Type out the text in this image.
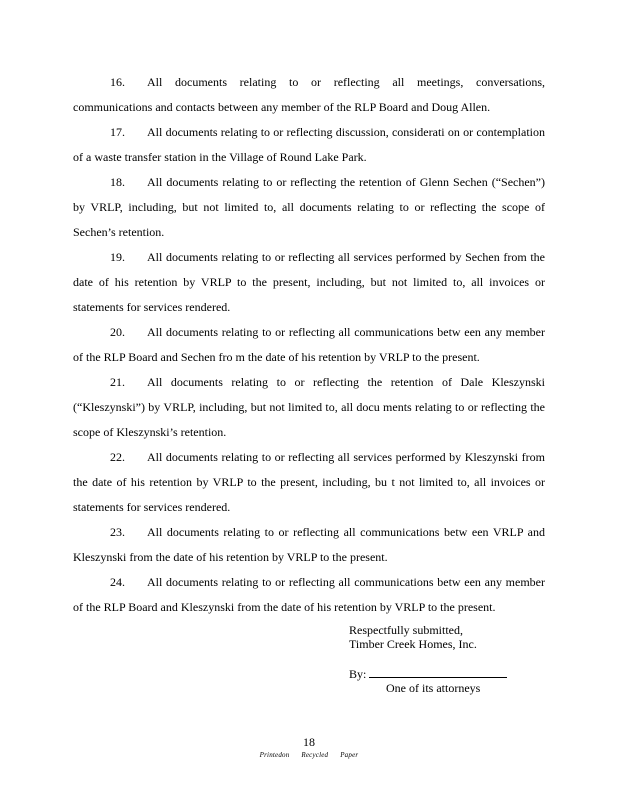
16. All documents relating to or reflecting all meetings, conversations, communications and contacts between any member of the RLP Board and Doug Allen.

17. All documents relating to or reflecting discussion, considerati on or contemplation of a waste transfer station in the Village of Round Lake Park.

18. All documents relating to or reflecting the retention of Glenn Sechen (“Sechen”) by VRLP, including, but not limited to, all documents relating to or reflecting the scope of Sechen’s retention.

19. All documents relating to or reflecting all services performed by Sechen from the date of his retention by VRLP to the present, including, but not limited to, all invoices or statements for services rendered.

20. All documents relating to or reflecting all communications betw een any member of the RLP Board and Sechen fro m the date of his retention by VRLP to the present.

21. All documents relating to or reflecting the retention of Dale Kleszynski (“Kleszynski”) by VRLP, including, but not limited to, all docu ments relating to or reflecting the scope of Kleszynski’s retention.

22. All documents relating to or reflecting all services performed by Kleszynski from the date of his retention by VRLP to the present, including, bu t not limited to, all invoices or statements for services rendered.

23. All documents relating to or reflecting all communications betw een VRLP and Kleszynski from the date of his retention by VRLP to the present.

24. All documents relating to or reflecting all communications betw een any member of the RLP Board and Kleszynski from the date of his retention by VRLP to the present.

Respectfully submitted,
Timber Creek Homes, Inc.
By:
One of its attorneys
18
Printedon Recycled Paper
